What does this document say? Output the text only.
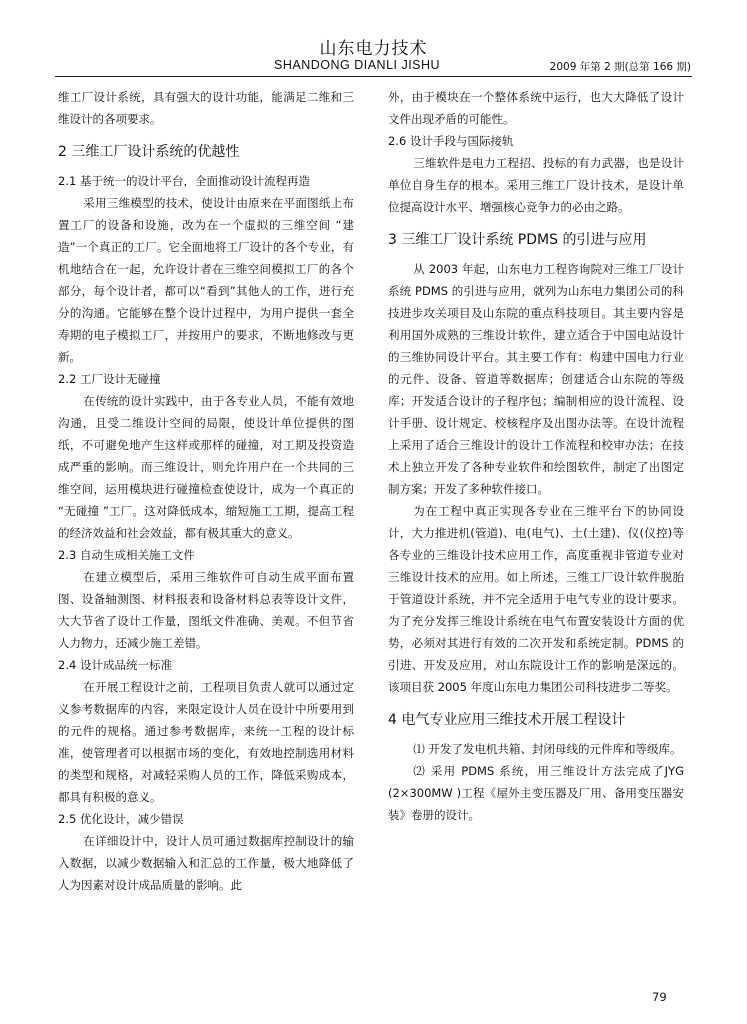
山东电力技术
SHANDONG DIANLI JISHU	2009 年第 2 期(总第 166 期)

维工厂设计系统，具有强大的设计功能，能满足二维和三维设计的各项要求。

2 三维工厂设计系统的优越性
2.1 基于统一的设计平台，全面推动设计流程再造

采用三维模型的技术，使设计由原来在平面图纸上布置工厂的设备和设施，改为在一个虚拟的三维空间 “建造”一个真正的工厂。它全面地将工厂设计的各个专业，有机地结合在一起，允许设计者在三维空间模拟工厂的各个部分，每个设计者，都可以“看到”其他人的工作，进行充分的沟通。它能够在整个设计过程中，为用户提供一套全寿期的电子模拟工厂，并按用户的要求，不断地修改与更新。

2.2 工厂设计无碰撞

在传统的设计实践中，由于各专业人员，不能有效地沟通，且受二维设计空间的局限，使设计单位提供的图纸，不可避免地产生这样或那样的碰撞，对工期及投资造成严重的影响。而三维设计，则允许用户在一个共同的三维空间，运用模块进行碰撞检查使设计，成为一个真正的 “无碰撞 ”工厂。这对降低成本，缩短施工工期，提高工程的经济效益和社会效益，都有极其重大的意义。

2.3 自动生成相关施工文件

在建立模型后，采用三维软件可自动生成平面布置图、设备轴测图、材料报表和设备材料总表等设计文件，大大节省了设计工作量，图纸文件准确、美观。不但节省人力物力，还减少施工差错。

2.4 设计成品统一标准

在开展工程设计之前，工程项目负责人就可以通过定义参考数据库的内容，来限定设计人员在设计中所要用到的元件的规格。通过参考数据库，来统一工程的设计标准，使管理者可以根据市场的变化，有效地控制选用材料的类型和规格，对减轻采购人员的工作，降低采购成本，都具有积极的意义。

2.5 优化设计，减少错误

在详细设计中，设计人员可通过数据库控制设计的输入数据，以减少数据输入和汇总的工作量，极大地降低了人为因素对设计成品质量的影响。此

外，由于模块在一个整体系统中运行，也大大降低了设计文件出现矛盾的可能性。

2.6 设计手段与国际接轨

三维软件是电力工程招、投标的有力武器，也是设计单位自身生存的根本。采用三维工厂设计技术，是设计单位提高设计水平、增强核心竞争力的必由之路。

3 三维工厂设计系统 PDMS 的引进与应用

从 2003 年起，山东电力工程咨询院对三维工厂设计系统 PDMS 的引进与应用，就列为山东电力集团公司的科技进步攻关项目及山东院的重点科技项目。其主要内容是利用国外成熟的三维设计软件，建立适合于中国电站设计的三维协同设计平台。其主要工作有：构建中国电力行业的元件、设备、管道等数据库；创建适合山东院的等级库；开发适合设计的子程序包；编制相应的设计流程、设计手册、设计规定、校核程序及出图办法等。在设计流程上采用了适合三维设计的设计工作流程和校审办法；在技术上独立开发了各种专业软件和绘图软件，制定了出图定制方案；开发了多种软件接口。

为在工程中真正实现各专业在三维平台下的协同设计，大力推进机(管道)、电(电气)、土(土建)、仪(仪控)等各专业的三维设计技术应用工作，高度重视非管道专业对三维设计技术的应用。如上所述，三维工厂设计软件脱胎于管道设计系统，并不完全适用于电气专业的设计要求。为了充分发挥三维设计系统在电气布置安装设计方面的优势，必须对其进行有效的二次开发和系统定制。PDMS 的引进、开发及应用，对山东院设计工作的影响是深远的。该项目获 2005 年度山东电力集团公司科技进步二等奖。

4 电气专业应用三维技术开展工程设计

⑴ 开发了发电机共箱、封闭母线的元件库和等级库。

⑵ 采用 PDMS 系统，用三维设计方法完成了JYG (2×300MW )工程《屋外主变压器及厂用、备用变压器安装》卷册的设计。

79
